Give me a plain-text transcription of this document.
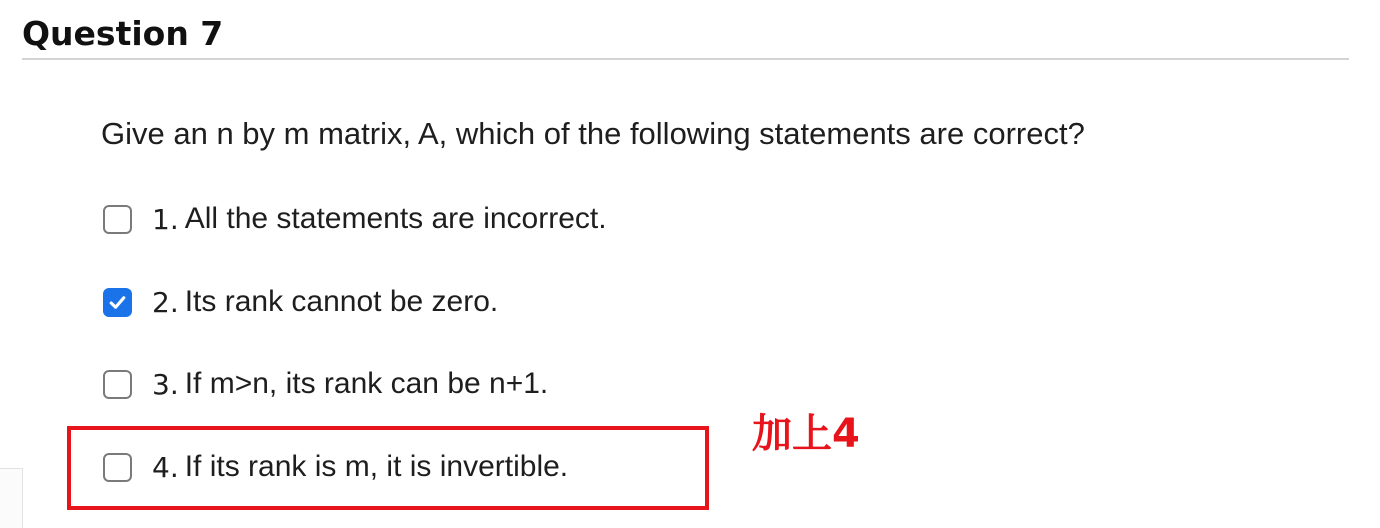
Question 7
Give an n by m matrix, A, which of the following statements are correct?
1. All the statements are incorrect.
2. Its rank cannot be zero.
3. If m>n, its rank can be n+1.
4. If its rank is m, it is invertible.
加上4
